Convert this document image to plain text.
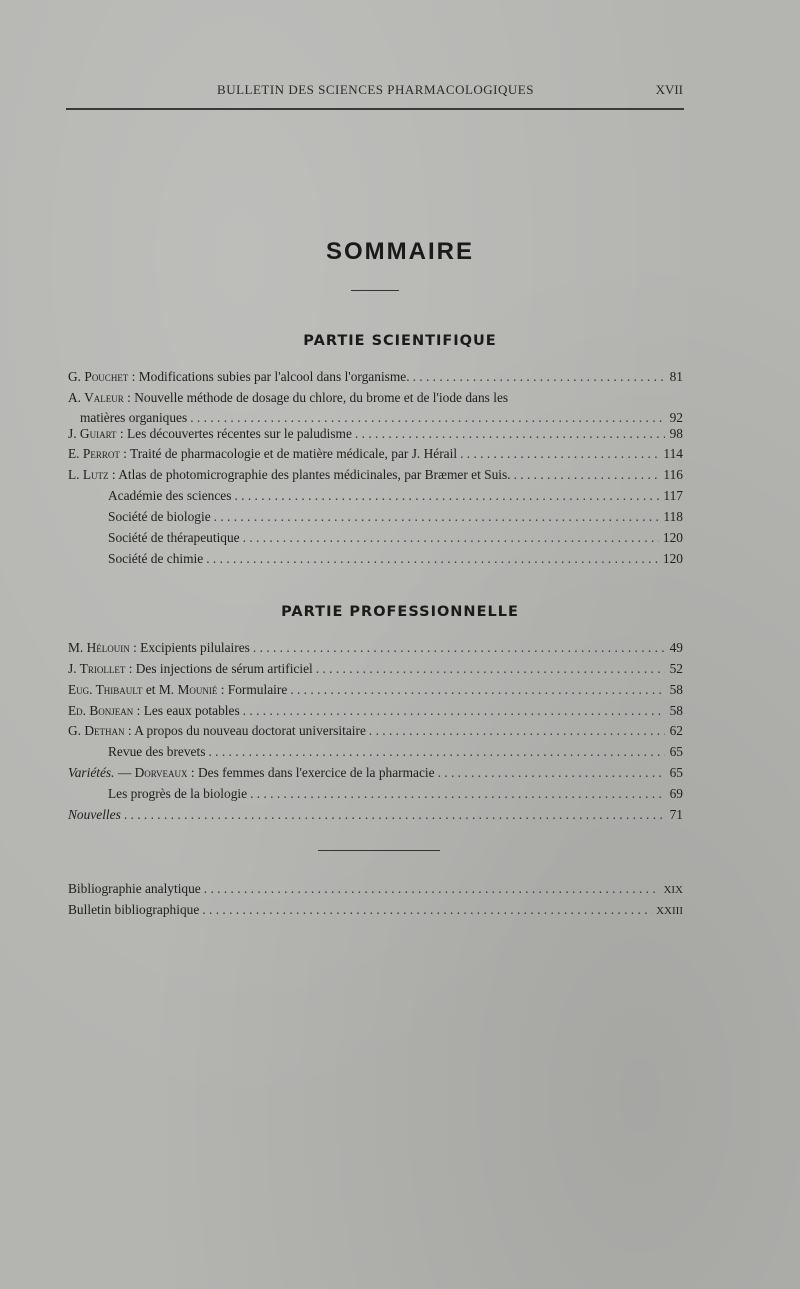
BULLETIN DES SCIENCES PHARMACOLOGIQUES	XVII
SOMMAIRE
PARTIE SCIENTIFIQUE
G. Pouchet : Modifications subies par l'alcool dans l'organisme. . . .	81
A. Valeur : Nouvelle méthode de dosage du chlore, du brome et de l'iode dans les
matières organiques . . .	92
J. Guiart : Les découvertes récentes sur le paludisme . . .	98
E. Perrot : Traité de pharmacologie et de matière médicale, par J. Hérail . . .	114
L. Lutz : Atlas de photomicrographie des plantes médicinales, par Bræmer et Suis. . . .	116
Académie des sciences . . .	117
Société de biologie . . .	118
Société de thérapeutique . . .	120
Société de chimie . . .	120
PARTIE PROFESSIONNELLE
M. Hélouin : Excipients pilulaires . . .	49
J. Triollet : Des injections de sérum artificiel . . .	52
Eug. Thibault et M. Mounié : Formulaire . . .	58
Ed. Bonjean : Les eaux potables . . .	58
G. Dethan : A propos du nouveau doctorat universitaire . . .	62
Revue des brevets . . .	65
Variétés. — Dorveaux : Des femmes dans l'exercice de la pharmacie . . .	65
Les progrès de la biologie . . .	69
Nouvelles . . .	71
Bibliographie analytique . . .	XIX
Bulletin bibliographique . . .	XXIII
